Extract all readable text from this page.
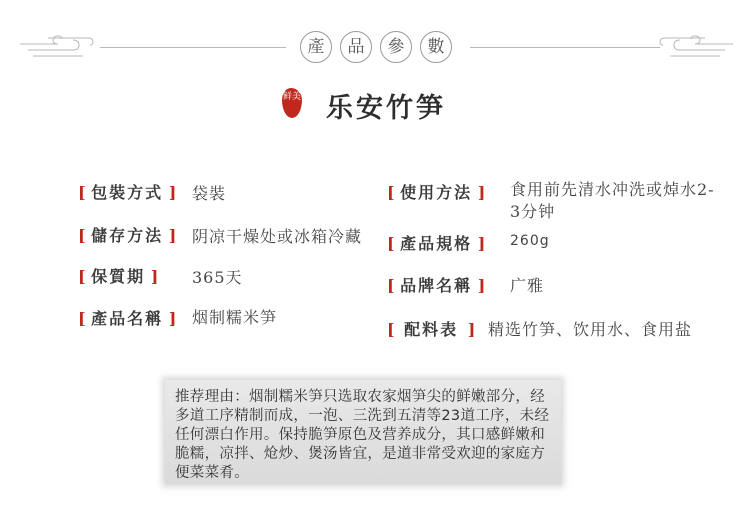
產	品	參	數
鲜美 乐安竹笋
[ 包裝方式 ] 袋裝
[ 儲存方法 ] 阴凉干燥处或冰箱冷藏
[ 保質期 ] 365天
[ 產品名稱 ] 烟制糯米笋
[ 使用方法 ] 食用前先清水冲洗或焯水2-3分钟
[ 產品規格 ] 260g
[ 品牌名稱 ] 广雅
[ 配料表 ] 精选竹笋、饮用水、食用盐

推荐理由：烟制糯米笋只选取农家烟笋尖的鲜嫩部分，经多道工序精制而成，一泡、三洗到五清等23道工序，未经任何漂白作用。保持脆笋原色及营养成分，其口感鲜嫩和脆糯，凉拌、炝炒、煲汤皆宜，是道非常受欢迎的家庭方便菜菜肴。
